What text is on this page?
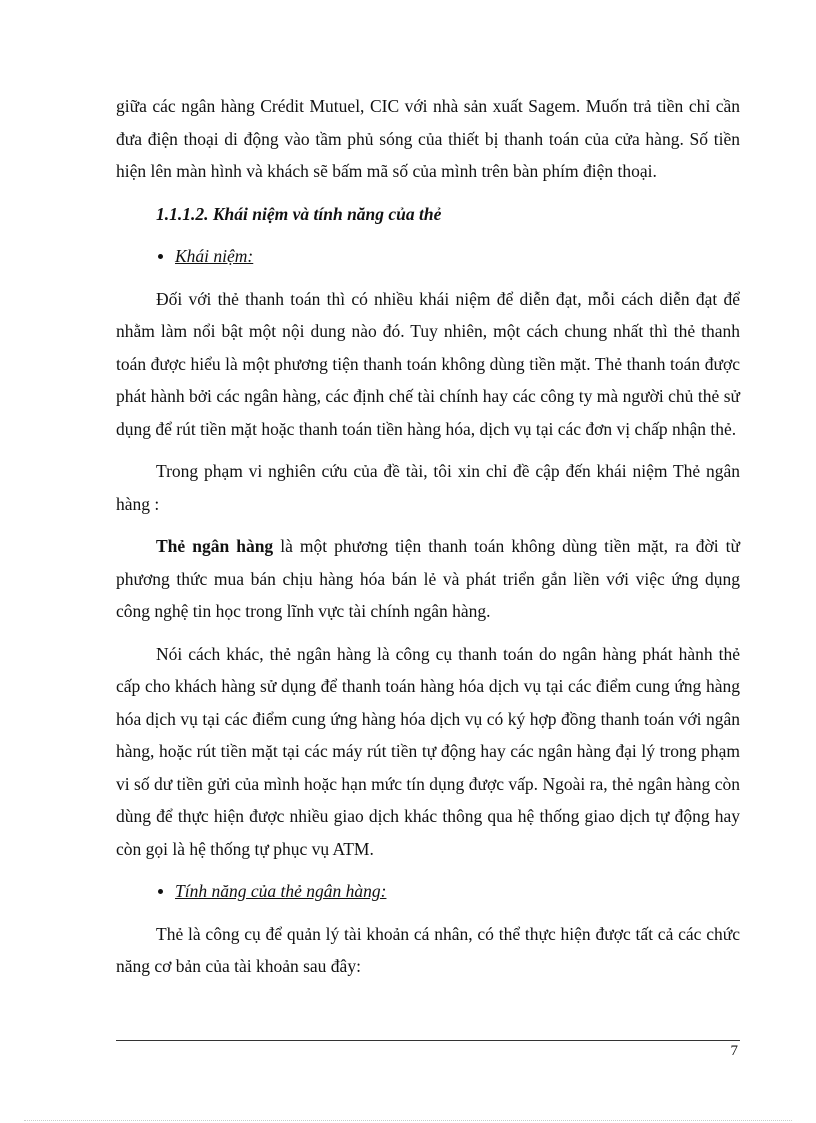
giữa các ngân hàng Crédit Mutuel, CIC với nhà sản xuất Sagem. Muốn trả tiền chỉ cần đưa điện thoại di động vào tầm phủ sóng của thiết bị thanh toán của cửa hàng. Số tiền hiện lên màn hình và khách sẽ bấm mã số của mình trên bàn phím điện thoại.

1.1.1.2. Khái niệm và tính năng của thẻ
Khái niệm:

Đối với thẻ thanh toán thì có nhiều khái niệm để diễn đạt, mỗi cách diễn đạt để nhằm làm nổi bật một nội dung nào đó. Tuy nhiên, một cách chung nhất thì thẻ thanh toán được hiểu là một phương tiện thanh toán không dùng tiền mặt. Thẻ thanh toán được phát hành bởi các ngân hàng, các định chế tài chính hay các công ty mà người chủ thẻ sử dụng để rút tiền mặt hoặc thanh toán tiền hàng hóa, dịch vụ tại các đơn vị chấp nhận thẻ.

Trong phạm vi nghiên cứu của đề tài, tôi xin chỉ đề cập đến khái niệm Thẻ ngân hàng :

Thẻ ngân hàng là một phương tiện thanh toán không dùng tiền mặt, ra đời từ phương thức mua bán chịu hàng hóa bán lẻ và phát triển gắn liền với việc ứng dụng công nghệ tin học trong lĩnh vực tài chính ngân hàng.

Nói cách khác, thẻ ngân hàng là công cụ thanh toán do ngân hàng phát hành thẻ cấp cho khách hàng sử dụng để thanh toán hàng hóa dịch vụ tại các điểm cung ứng hàng hóa dịch vụ tại các điểm cung ứng hàng hóa dịch vụ có ký hợp đồng thanh toán với ngân hàng, hoặc rút tiền mặt tại các máy rút tiền tự động hay các ngân hàng đại lý trong phạm vi số dư tiền gửi của mình hoặc hạn mức tín dụng được vấp. Ngoài ra, thẻ ngân hàng còn dùng để thực hiện được nhiều giao dịch khác thông qua hệ thống giao dịch tự động hay còn gọi là hệ thống tự phục vụ ATM.

Tính năng của thẻ ngân hàng:

Thẻ là công cụ để quản lý tài khoản cá nhân, có thể thực hiện được tất cả các chức năng cơ bản của tài khoản sau đây:

7
